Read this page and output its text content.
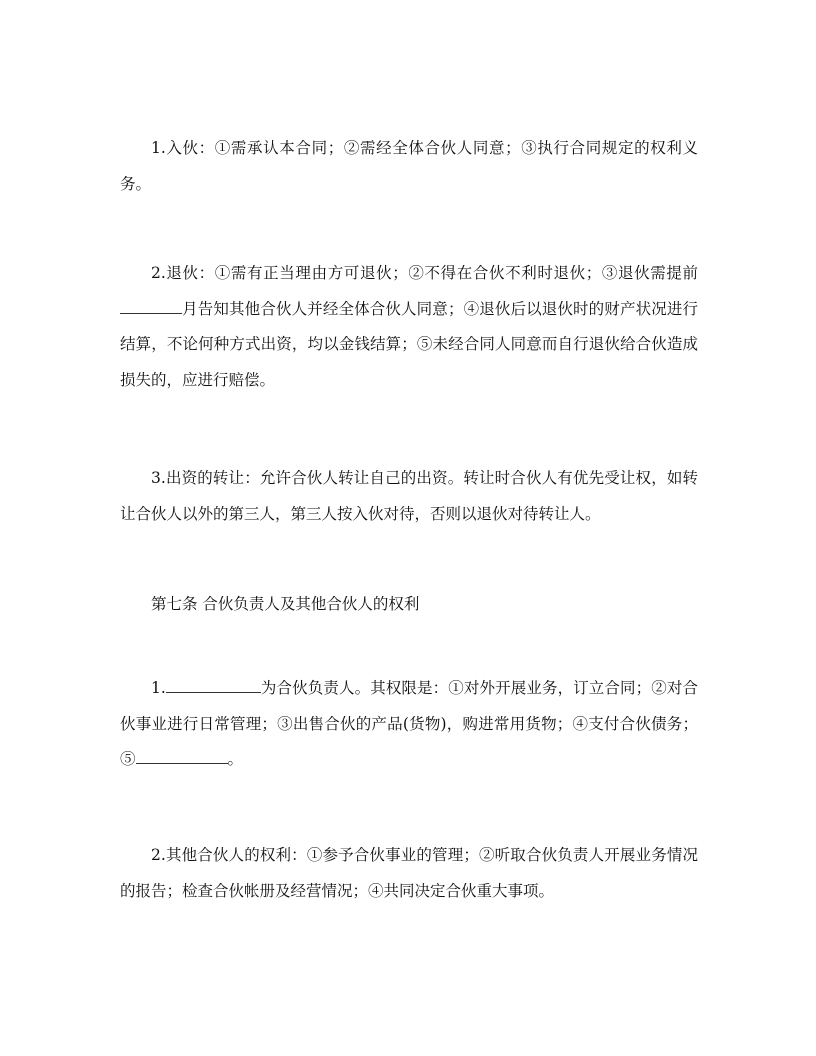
1.入伙：①需承认本合同；②需经全体合伙人同意；③执行合同规定的权利义务。

2.退伙：①需有正当理由方可退伙；②不得在合伙不利时退伙；③退伙需提前月告知其他合伙人并经全体合伙人同意；④退伙后以退伙时的财产状况进行结算，不论何种方式出资，均以金钱结算；⑤未经合同人同意而自行退伙给合伙造成损失的，应进行赔偿。

3.出资的转让：允许合伙人转让自己的出资。转让时合伙人有优先受让权，如转让合伙人以外的第三人，第三人按入伙对待，否则以退伙对待转让人。

第七条 合伙负责人及其他合伙人的权利

1.	为合伙负责人。其权限是：①对外开展业务，订立合同；②对合伙事业进行日常管理；③出售合伙的产品(货物)，购进常用货物；④支付合伙债务；⑤	。

2.其他合伙人的权利：①参予合伙事业的管理；②听取合伙负责人开展业务情况的报告；检查合伙帐册及经营情况；④共同决定合伙重大事项。
